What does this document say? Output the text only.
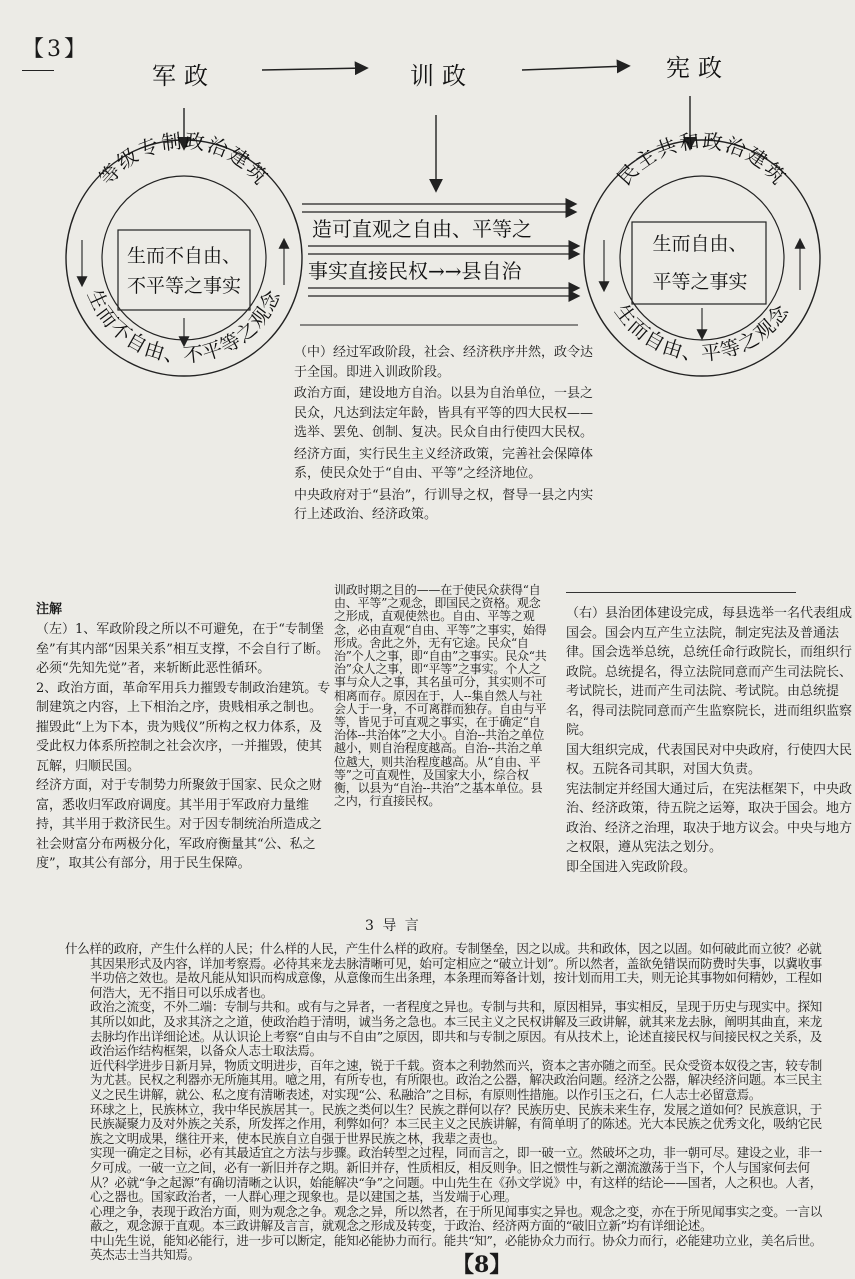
【3】
军政	训政	宪政
等级专制政治建筑
生而不自由、不平等之观念
生而不自由、
不平等之事实
民主共和政治建筑
生而自由、平等之观念
生而自由、
平等之事实
造可直观之自由、平等之
事实直接民权→→县自治

（中）经过军政阶段，社会、经济秩序井然，政令达于全国。即进入训政阶段。

政治方面，建设地方自治。以县为自治单位，一县之民众，凡达到法定年龄，皆具有平等的四大民权——选举、罢免、创制、复决。民众自由行使四大民权。

经济方面，实行民生主义经济政策，完善社会保障体系，使民众处于“自由、平等”之经济地位。

中央政府对于“县治”，行训导之权，督导一县之内实行上述政治、经济政策。

注解

（左）1、军政阶段之所以不可避免，在于“专制堡垒”有其内部“因果关系”相互支撑，不会自行了断。必须“先知先觉”者，来斩断此恶性循环。

2、政治方面，革命军用兵力摧毁专制政治建筑。专制建筑之内容，上下相治之序，贵贱相承之制也。摧毁此“上为下本，贵为贱仪”所构之权力体系，及受此权力体系所控制之社会次序，一并摧毁，使其瓦解，归顺民国。

经济方面，对于专制势力所聚敛于国家、民众之财富，悉收归军政府调度。其半用于军政府力量维持，其半用于救济民生。对于因专制统治所造成之社会财富分布两极分化，军政府衡量其“公、私之度”，取其公有部分，用于民生保障。

训政时期之目的——在于使民众获得“自由、平等”之观念，即国民之资格。观念之形成，直观使然也。自由、平等之观念，必由直观“自由、平等”之事实，始得形成。舍此之外，无有它途。民众“自治”个人之事，即“自由”之事实。民众“共治”众人之事，即“平等”之事实。个人之事与众人之事，其名虽可分，其实则不可相离而存。原因在于，人--集自然人与社会人于一身，不可离群而独存。自由与平等，皆见于可直观之事实，在于确定“自治体--共治体”之大小。自治--共治之单位越小，则自治程度越高。自治--共治之单位越大，则共治程度越高。从“自由、平等”之可直观性，及国家大小，综合权衡，以县为“自治--共治”之基本单位。县之内，行直接民权。

（右）县治团体建设完成，每县选举一名代表组成国会。国会内互产生立法院，制定宪法及普通法律。国会选举总统，总统任命行政院长，而组织行政院。总统提名，得立法院同意而产生司法院长、考试院长，进而产生司法院、考试院。由总统提名，得司法院同意而产生监察院长，进而组织监察院。

国大组织完成，代表国民对中央政府，行使四大民权。五院各司其职，对国大负责。

宪法制定并经国大通过后，在宪法框架下，中央政治、经济政策，待五院之运筹，取决于国会。地方政治、经济之治理，取决于地方议会。中央与地方之权限，遵从宪法之划分。

即全国进入宪政阶段。

3 导 言

什么样的政府，产生什么样的人民；什么样的人民，产生什么样的政府。专制堡垒，因之以成。共和政体，因之以固。如何破此而立彼？必就其因果形式及内容，详加考察焉。必待其来龙去脉清晰可见，始可定相应之“破立计划”。所以然者，盖欲免错误而防费时失事，以冀收事半功倍之效也。是故凡能从知识而构成意像，从意像而生出条理，本条理而筹备计划，按计划而用工夫，则无论其事物如何精妙，工程如何浩大，无不指日可以乐成者也。

政治之流变，不外二端：专制与共和。或有与之异者，一者程度之异也。专制与共和，原因相异，事实相反，呈现于历史与现实中。探知其所以如此，及求其济之之道，使政治趋于清明，诚当务之急也。本三民主义之民权讲解及三政讲解，就其来龙去脉，阐明其曲直，来龙去脉均作出详细论述。从认识论上考察“自由与不自由”之原因，即共和与专制之原因。有从技术上，论述直接民权与间接民权之关系，及政治运作结构框架，以备众人志士取法焉。

近代科学进步日新月异，物质文明进步，百年之速，锐于千载。资本之利勃然而兴，资本之害亦随之而至。民众受资本奴役之害，较专制为尤甚。民权之利器亦无所施其用。噫之用，有所专也，有所限也。政治之公器，解决政治问题。经济之公器，解决经济问题。本三民主义之民生讲解，就公、私之度有清晰表述，对实现“公、私融洽”之目标，有原则性措施。以作引玉之石，仁人志士必留意焉。

环球之上，民族林立，我中华民族居其一。民族之类何以生？民族之群何以存？民族历史、民族未来生存，发展之道如何？民族意识，于民族凝聚力及对外族之关系，所发挥之作用，利弊如何？本三民主义之民族讲解，有简单明了的陈述。光大本民族之优秀文化，吸纳它民族之文明成果，继往开来，使本民族自立自强于世界民族之林，我辈之责也。

实现一确定之目标，必有其最适宜之方法与步骤。政治转型之过程，同而言之，即一破一立。然破坏之功，非一朝可尽。建设之业，非一夕可成。一破一立之间，必有一新旧并存之期。新旧并存，性质相反，相反则争。旧之惯性与新之潮流激荡于当下，个人与国家何去何从？必就“争之起源”有确切清晰之认识，始能解决“争”之问题。中山先生在《孙文学说》中，有这样的结论——国者，人之积也。人者，心之器也。国家政治者，一人群心理之现象也。是以建国之基，当发端于心理。

心理之争，表现于政治方面，则为观念之争。观念之异，所以然者，在于所见闻事实之异也。观念之变，亦在于所见闻事实之变。一言以蔽之，观念源于直观。本三政讲解及言言，就观念之形成及转变，于政治、经济两方面的“破旧立新”均有详细论述。

中山先生说，能知必能行，进一步可以断定，能知必能协力而行。能共“知”，必能协众力而行。协众力而行，必能建功立业，美名后世。英杰志士当共知焉。	【8】
